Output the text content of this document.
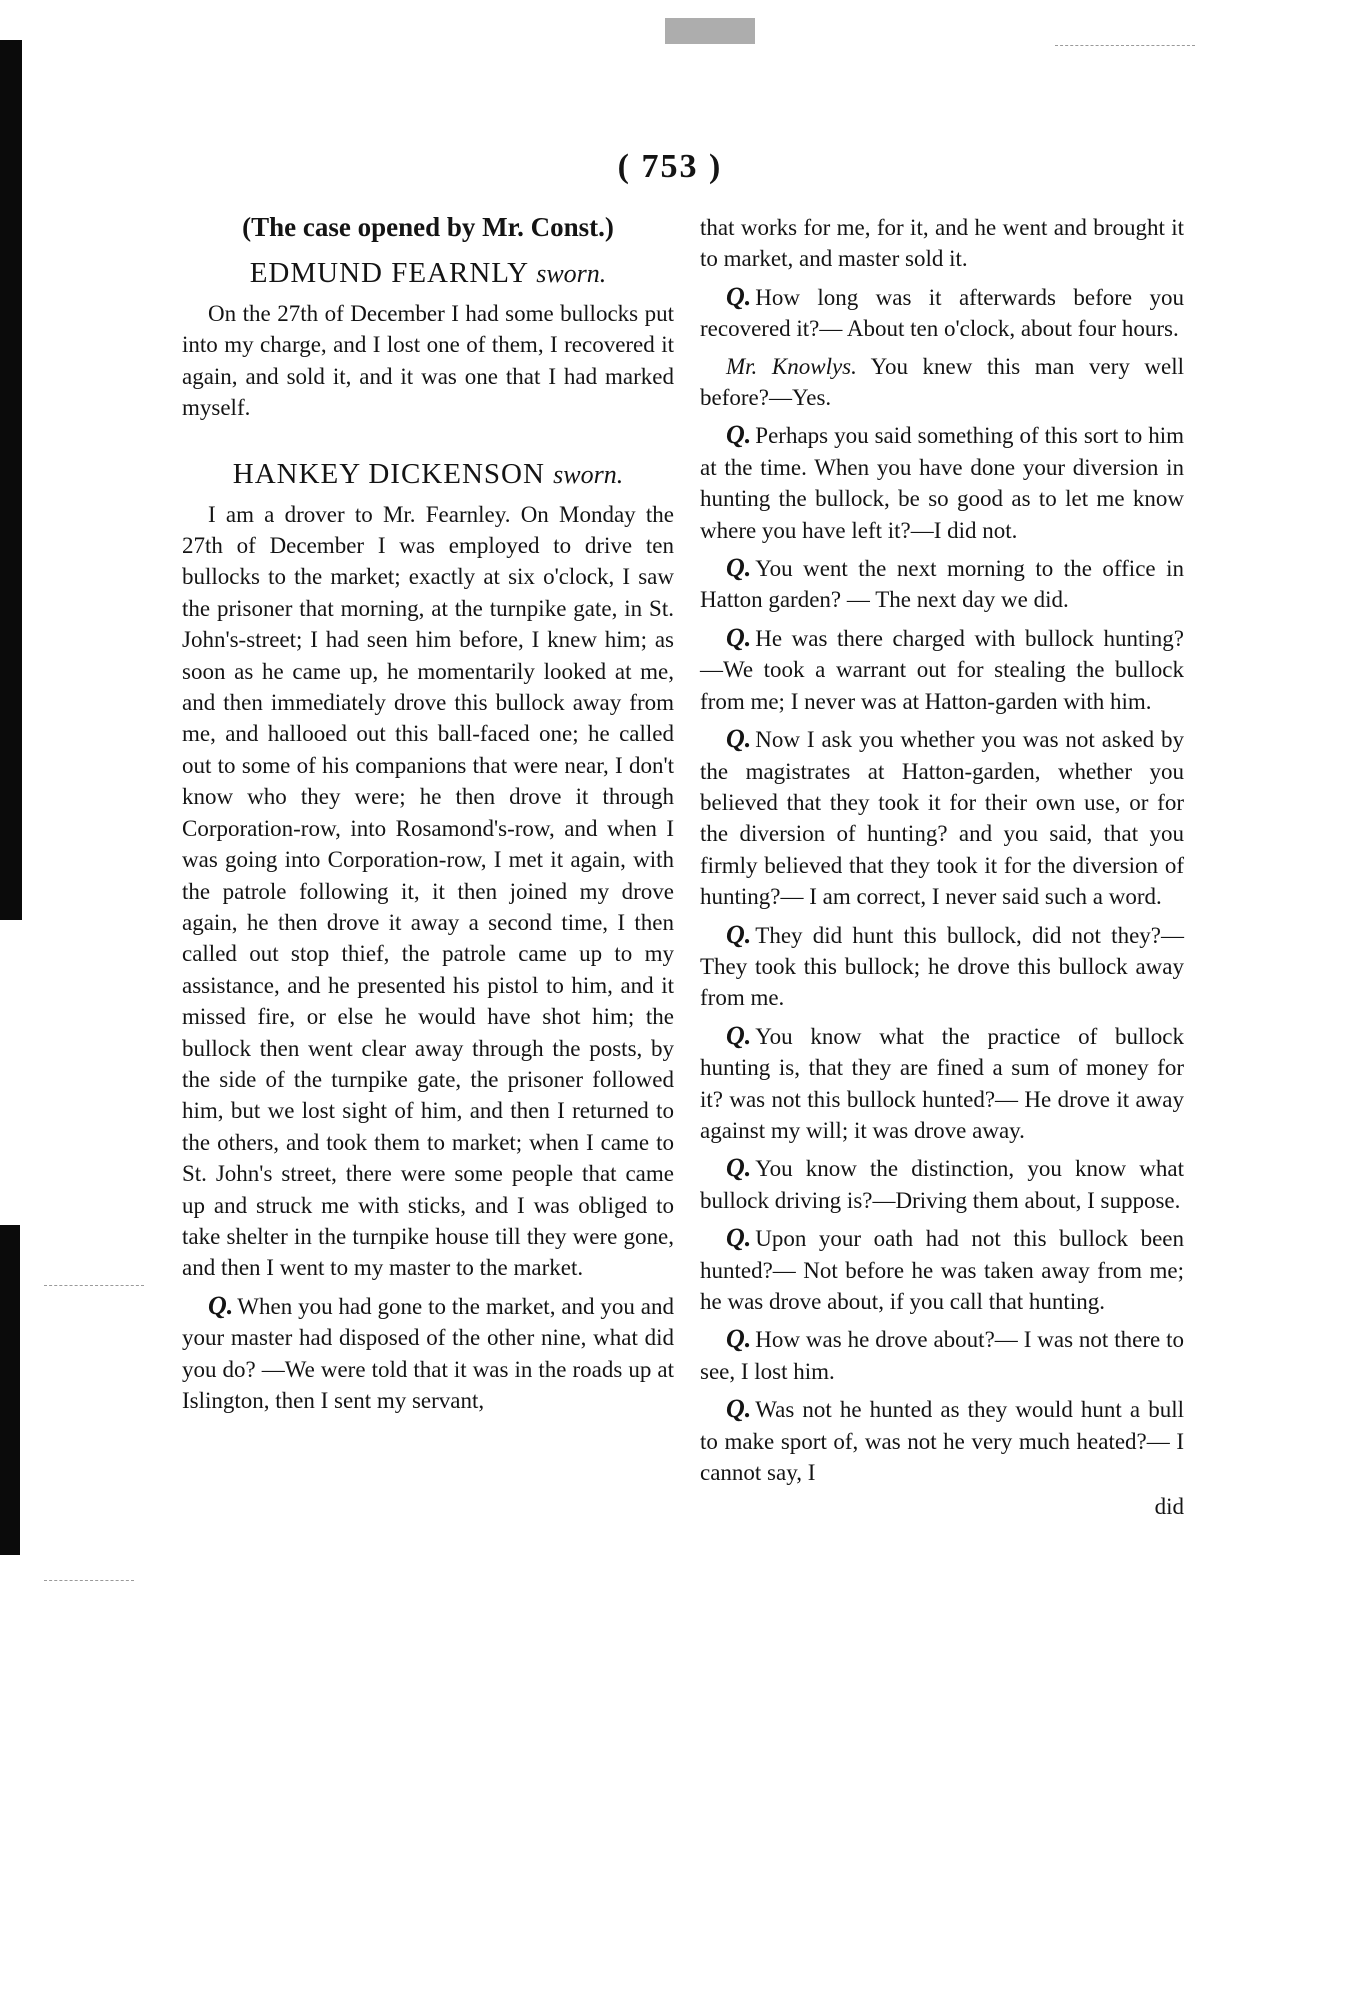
( 753 )
(The case opened by Mr. Const.)
EDMUND FEARNLY sworn.

On the 27th of December I had some bullocks put into my charge, and I lost one of them, I recovered it again, and sold it, and it was one that I had marked myself.

HANKEY DICKENSON sworn.

I am a drover to Mr. Fearnley. On Monday the 27th of December I was employed to drive ten bullocks to the market; exactly at six o'clock, I saw the prisoner that morning, at the turnpike gate, in St. John's-street; I had seen him before, I knew him; as soon as he came up, he momentarily looked at me, and then immediately drove this bullock away from me, and hallooed out this ball-faced one; he called out to some of his companions that were near, I don't know who they were; he then drove it through Corporation-row, into Rosamond's-row, and when I was going into Corporation-row, I met it again, with the patrole following it, it then joined my drove again, he then drove it away a second time, I then called out stop thief, the patrole came up to my assistance, and he presented his pistol to him, and it missed fire, or else he would have shot him; the bullock then went clear away through the posts, by the side of the turnpike gate, the prisoner followed him, but we lost sight of him, and then I returned to the others, and took them to market; when I came to St. John's street, there were some people that came up and struck me with sticks, and I was obliged to take shelter in the turnpike house till they were gone, and then I went to my master to the market.

Q. When you had gone to the market, and you and your master had disposed of the other nine, what did you do? —We were told that it was in the roads up at Islington, then I sent my servant,

that works for me, for it, and he went and brought it to market, and master sold it.

Q. How long was it afterwards before you recovered it?— About ten o'clock, about four hours.

Mr. Knowlys. You knew this man very well before?—Yes.

Q. Perhaps you said something of this sort to him at the time. When you have done your diversion in hunting the bullock, be so good as to let me know where you have left it?—I did not.

Q. You went the next morning to the office in Hatton garden? — The next day we did.

Q. He was there charged with bullock hunting?—We took a warrant out for stealing the bullock from me; I never was at Hatton-garden with him.

Q. Now I ask you whether you was not asked by the magistrates at Hatton-garden, whether you believed that they took it for their own use, or for the diversion of hunting? and you said, that you firmly believed that they took it for the diversion of hunting?— I am correct, I never said such a word.

Q. They did hunt this bullock, did not they?—They took this bullock; he drove this bullock away from me.

Q. You know what the practice of bullock hunting is, that they are fined a sum of money for it? was not this bullock hunted?— He drove it away against my will; it was drove away.

Q. You know the distinction, you know what bullock driving is?—Driving them about, I suppose.

Q. Upon your oath had not this bullock been hunted?— Not before he was taken away from me; he was drove about, if you call that hunting.

Q. How was he drove about?— I was not there to see, I lost him.

Q. Was not he hunted as they would hunt a bull to make sport of, was not he very much heated?— I cannot say, I

did
